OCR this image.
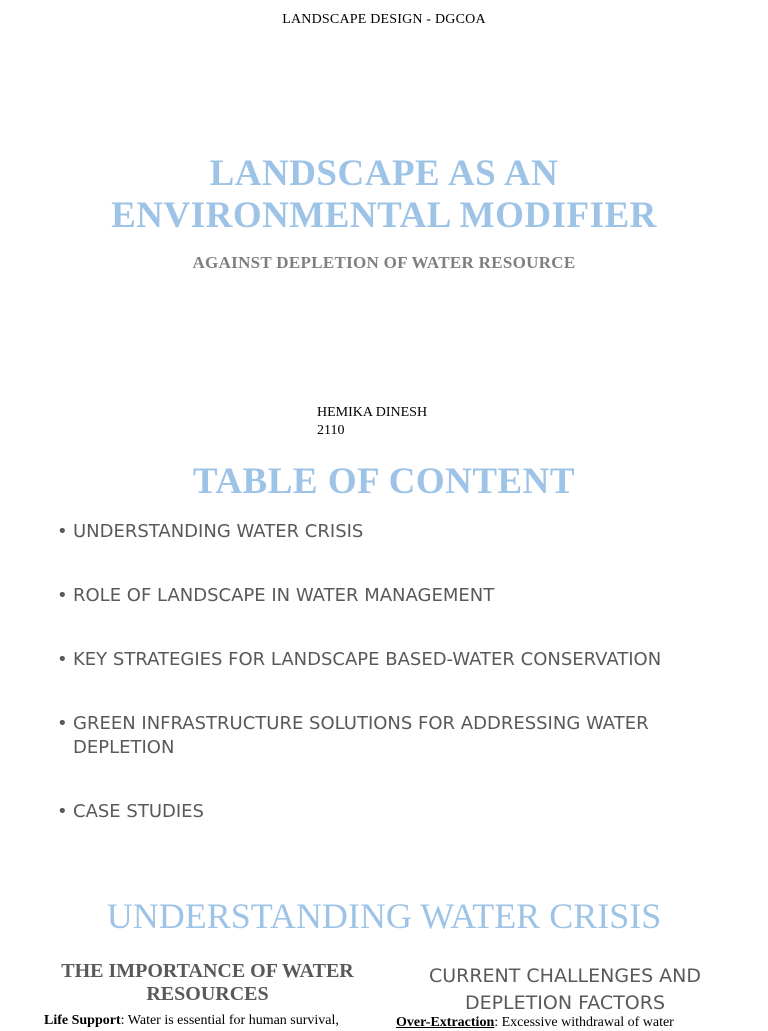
LANDSCAPE DESIGN - DGCOA
LANDSCAPE AS AN
ENVIRONMENTAL MODIFIER
AGAINST DEPLETION OF WATER RESOURCE
HEMIKA DINESH
2110
TABLE OF CONTENT
• UNDERSTANDING WATER CRISIS
• ROLE OF LANDSCAPE IN WATER MANAGEMENT
• KEY STRATEGIES FOR LANDSCAPE BASED-WATER CONSERVATION
• GREEN INFRASTRUCTURE SOLUTIONS FOR ADDRESSING WATER DEPLETION
• CASE STUDIES
UNDERSTANDING WATER CRISIS
THE IMPORTANCE OF WATER
RESOURCES
CURRENT CHALLENGES AND
DEPLETION FACTORS
Life Support: Water is essential for human survival,	Over-Extraction: Excessive withdrawal of water
